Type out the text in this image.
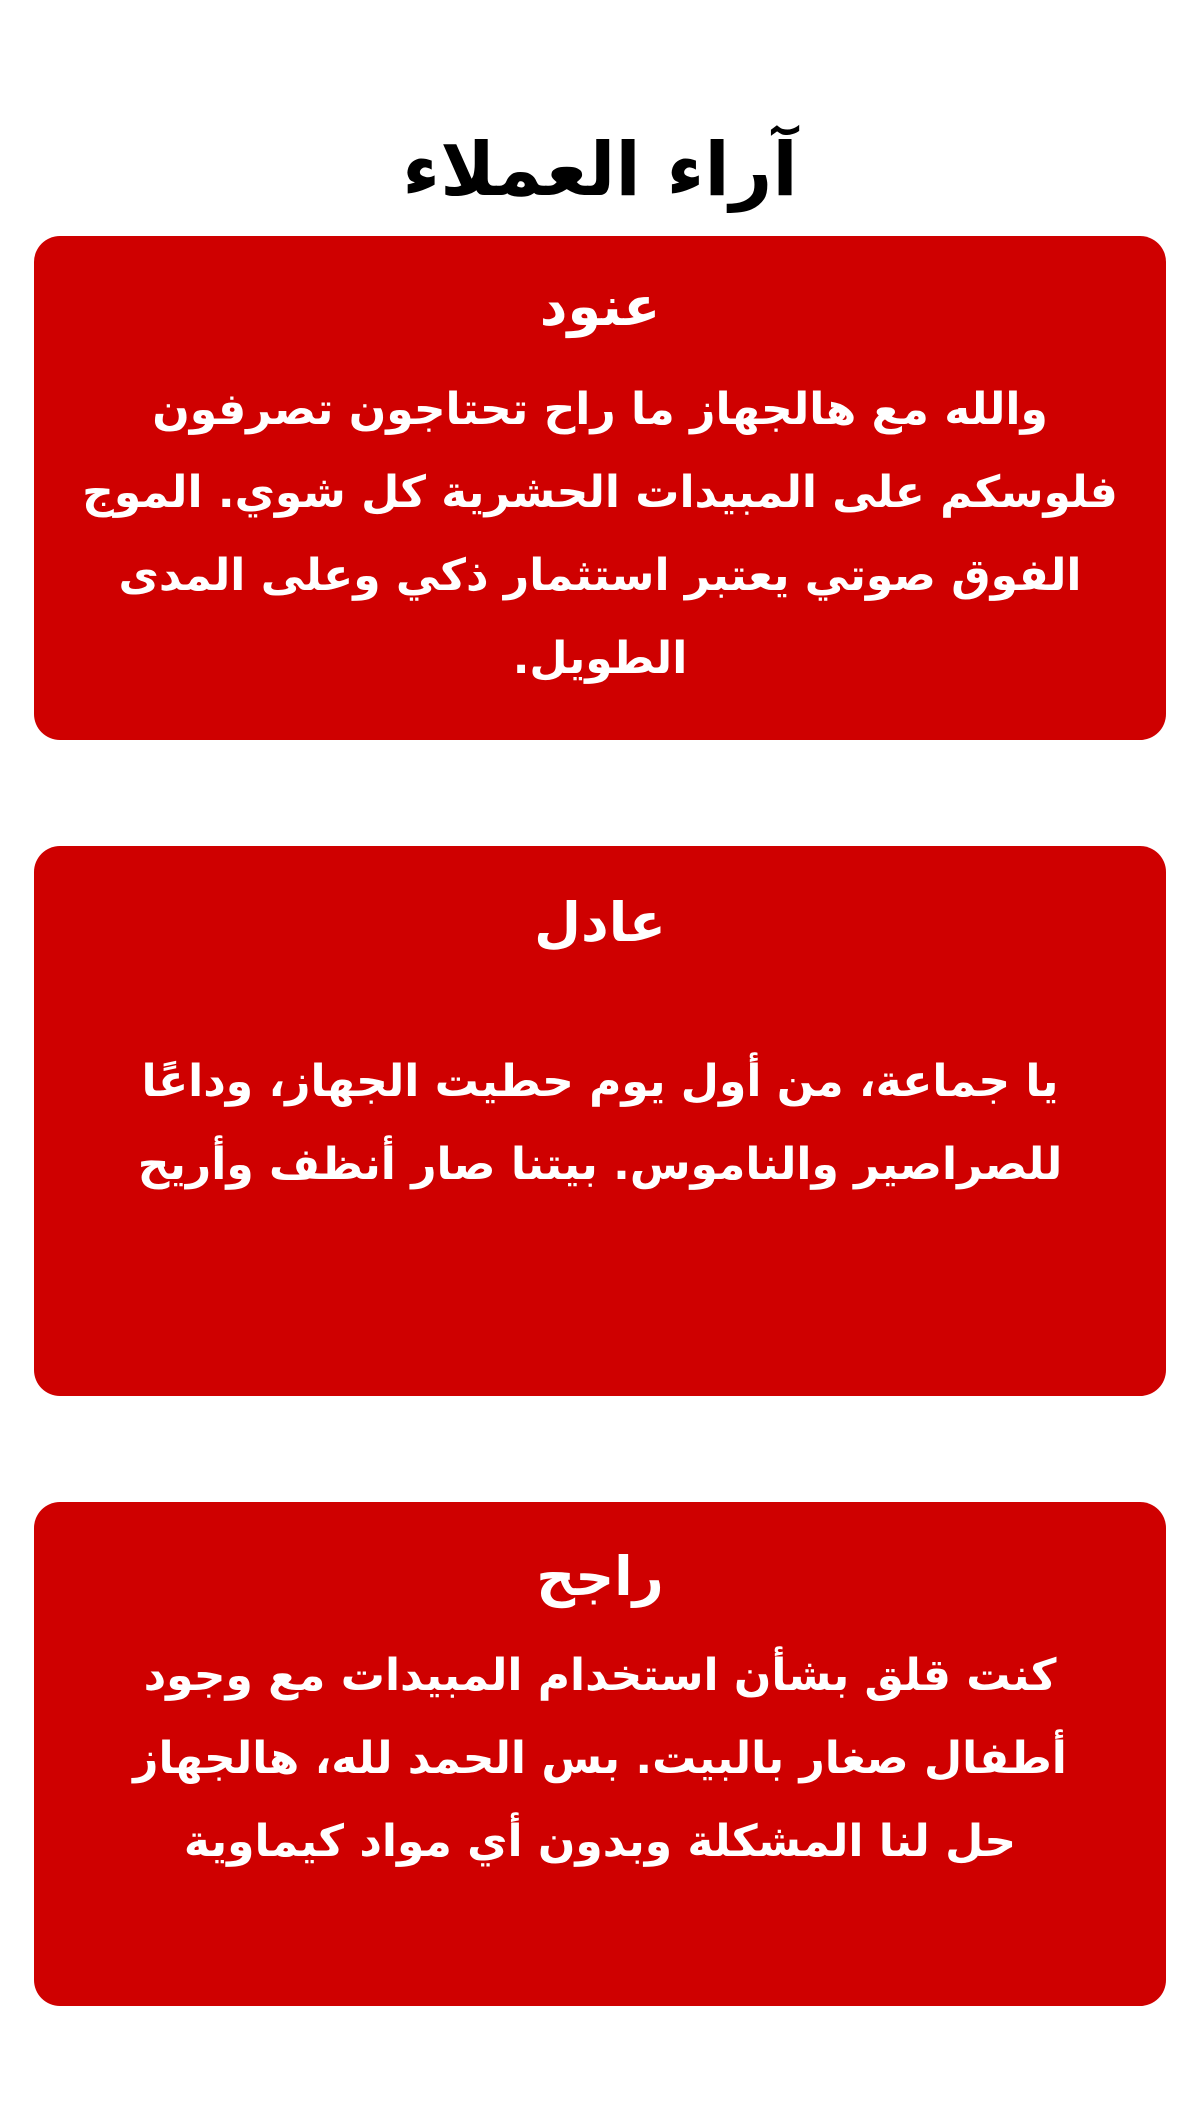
آراء العملاء
عنود
والله مع هالجهاز ما راح تحتاجون تصرفون فلوسكم على المبيدات الحشرية كل شوي. الموج الفوق صوتي يعتبر استثمار ذكي وعلى المدى الطويل.
عادل
يا جماعة، من أول يوم حطيت الجهاز، وداعًا للصراصير والناموس. بيتنا صار أنظف وأريح
راجح
كنت قلق بشأن استخدام المبيدات مع وجود أطفال صغار بالبيت. بس الحمد لله، هالجهاز حل لنا المشكلة وبدون أي مواد كيماوية
